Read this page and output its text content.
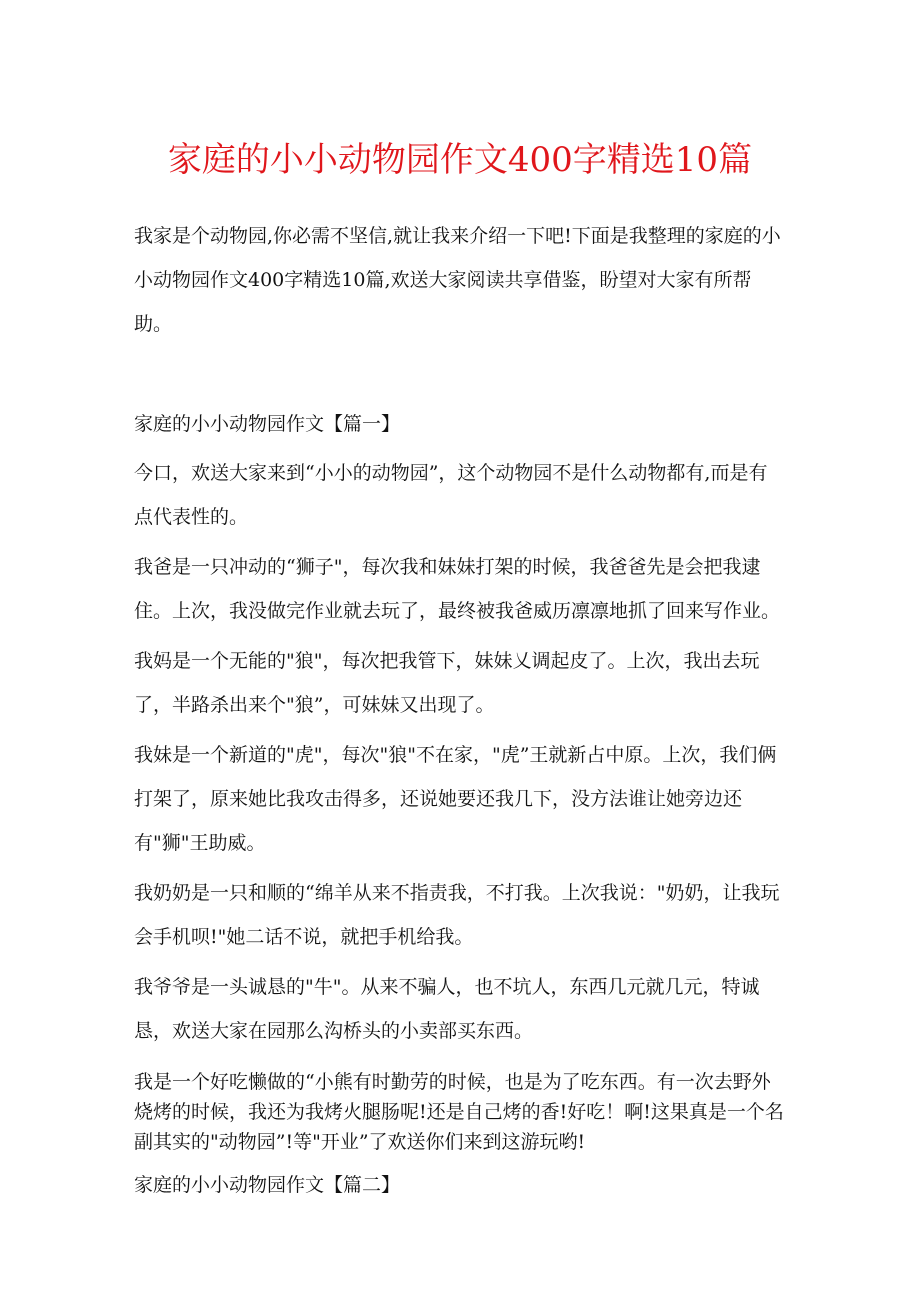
家庭的小小动物园作文400字精选10篇

我家是个动物园,你必需不坚信,就让我来介绍一下吧!下面是我整理的家庭的小小动物园作文400字精选10篇,欢送大家阅读共享借鉴，盼望对大家有所帮助。

家庭的小小动物园作文【篇一】

今口，欢送大家来到“小小的动物园”，这个动物园不是什么动物都有,而是有点代表性的。

我爸是一只冲动的“狮子"，每次我和妹妹打架的时候，我爸爸先是会把我逮住。上次，我没做完作业就去玩了，最终被我爸威历凛凛地抓了回来写作业。

我妈是一个无能的"狼"，每次把我管下，妹妹乂调起皮了。上次，我出去玩了，半路杀出来个"狼”，可妹妹又出现了。

我妹是一个新道的"虎"，每次"狼"不在家，"虎”王就新占中原。上次，我们俩打架了，原来她比我攻击得多，还说她要还我几下，没方法谁让她旁边还有"狮"王助威。

我奶奶是一只和顺的“绵羊从来不指责我，不打我。上次我说："奶奶，让我玩会手机呗!"她二话不说，就把手机给我。

我爷爷是一头诚恳的"牛"。从来不骗人，也不坑人，东西几元就几元，特诚恳，欢送大家在园那么沟桥头的小卖部买东西。

我是一个好吃懒做的“小熊有时勤劳的时候，也是为了吃东西。有一次去野外烧烤的时候，我还为我烤火腿肠呢!还是自己烤的香!好吃！啊!这果真是一个名副其实的"动物园”!等"开业”了欢送你们来到这游玩哟!

家庭的小小动物园作文【篇二】
